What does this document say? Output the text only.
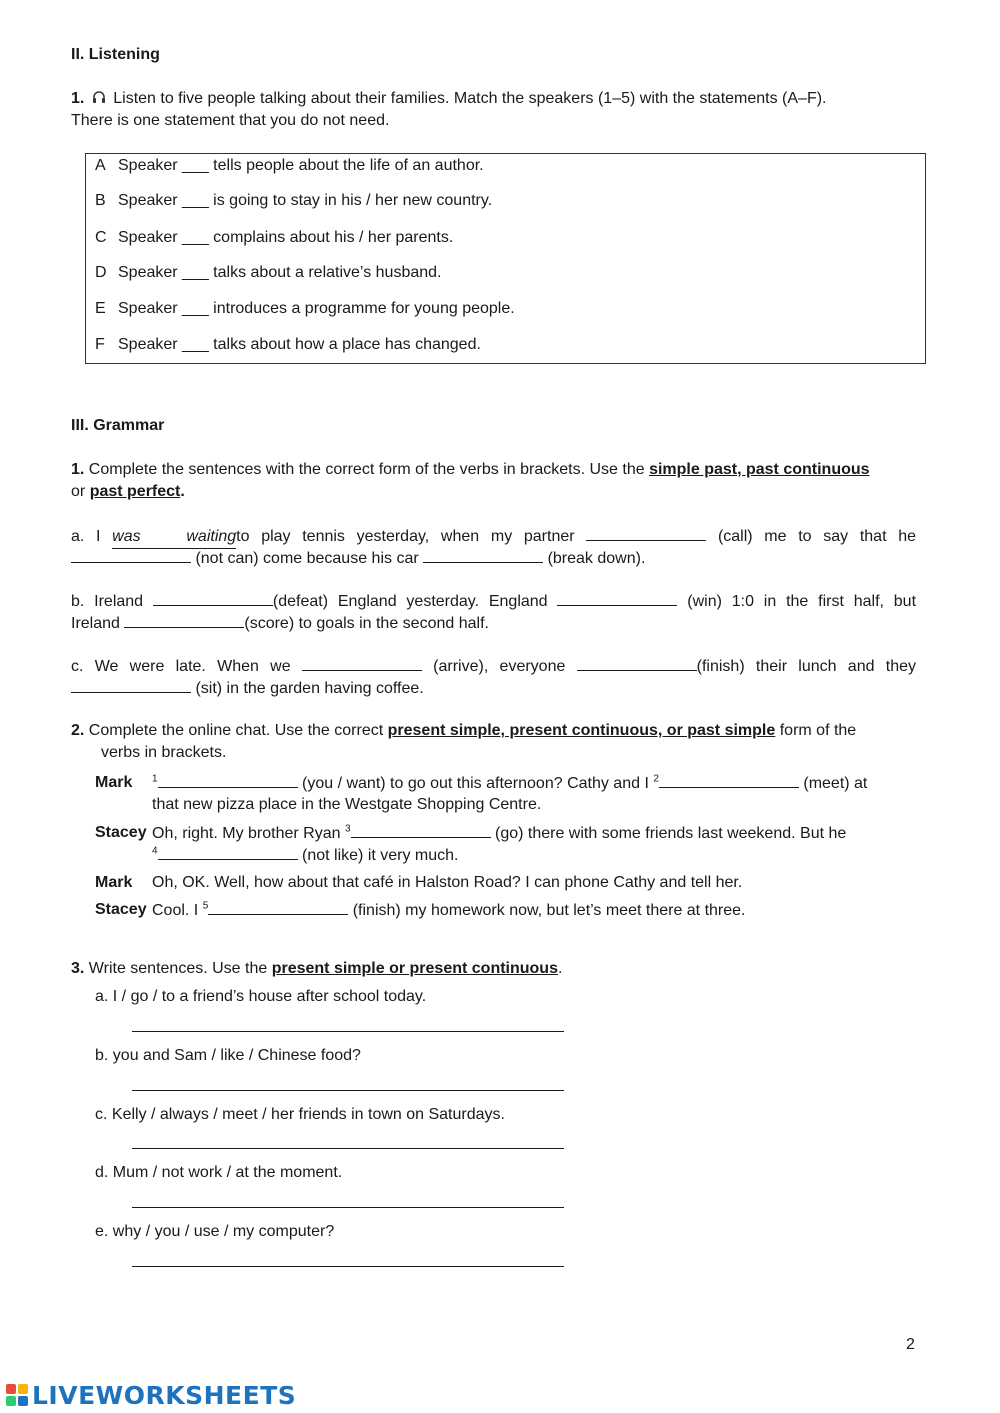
II. Listening
1. Listen to five people talking about their families. Match the speakers (1–5) with the statements (A–F).
There is one statement that you do not need.
A Speaker ___ tells people about the life of an author.
B Speaker ___ is going to stay in his / her new country.
C Speaker ___ complains about his / her parents.
D Speaker ___ talks about a relative’s husband.
E Speaker ___ introduces a programme for young people.
F Speaker ___ talks about how a place has changed.
III. Grammar
1. Complete the sentences with the correct form of the verbs in brackets. Use the simple past, past continuous
or past perfect.
a. I was waitingto play tennis yesterday, when my partner	(call) me to say that he
(not can) come because his car	(break down).
b. Ireland	(defeat) England yesterday. England	(win) 1:0 in the first half, but
Ireland	(score) to goals in the second half.
c. We were late. When we	(arrive), everyone	(finish) their lunch and they
(sit) in the garden having coffee.
2. Complete the online chat. Use the correct present simple, present continuous, or past simple form of the
verbs in brackets.
Mark $^1$	(you / want) to go out this afternoon? Cathy and I $^2$	(meet) at
that new pizza place in the Westgate Shopping Centre.
Stacey Oh, right. My brother Ryan $^3$	(go) there with some friends last weekend. But he
$^4$	(not like) it very much.
Mark Oh, OK. Well, how about that café in Halston Road? I can phone Cathy and tell her.
Stacey Cool. I $^5$	(finish) my homework now, but let’s meet there at three.
3. Write sentences. Use the present simple or present continuous.
a. I / go / to a friend’s house after school today.
b. you and Sam / like / Chinese food?
c. Kelly / always / meet / her friends in town on Saturdays.
d. Mum / not work / at the moment.
e. why / you / use / my computer?
2
LIVEWORKSHEETS
